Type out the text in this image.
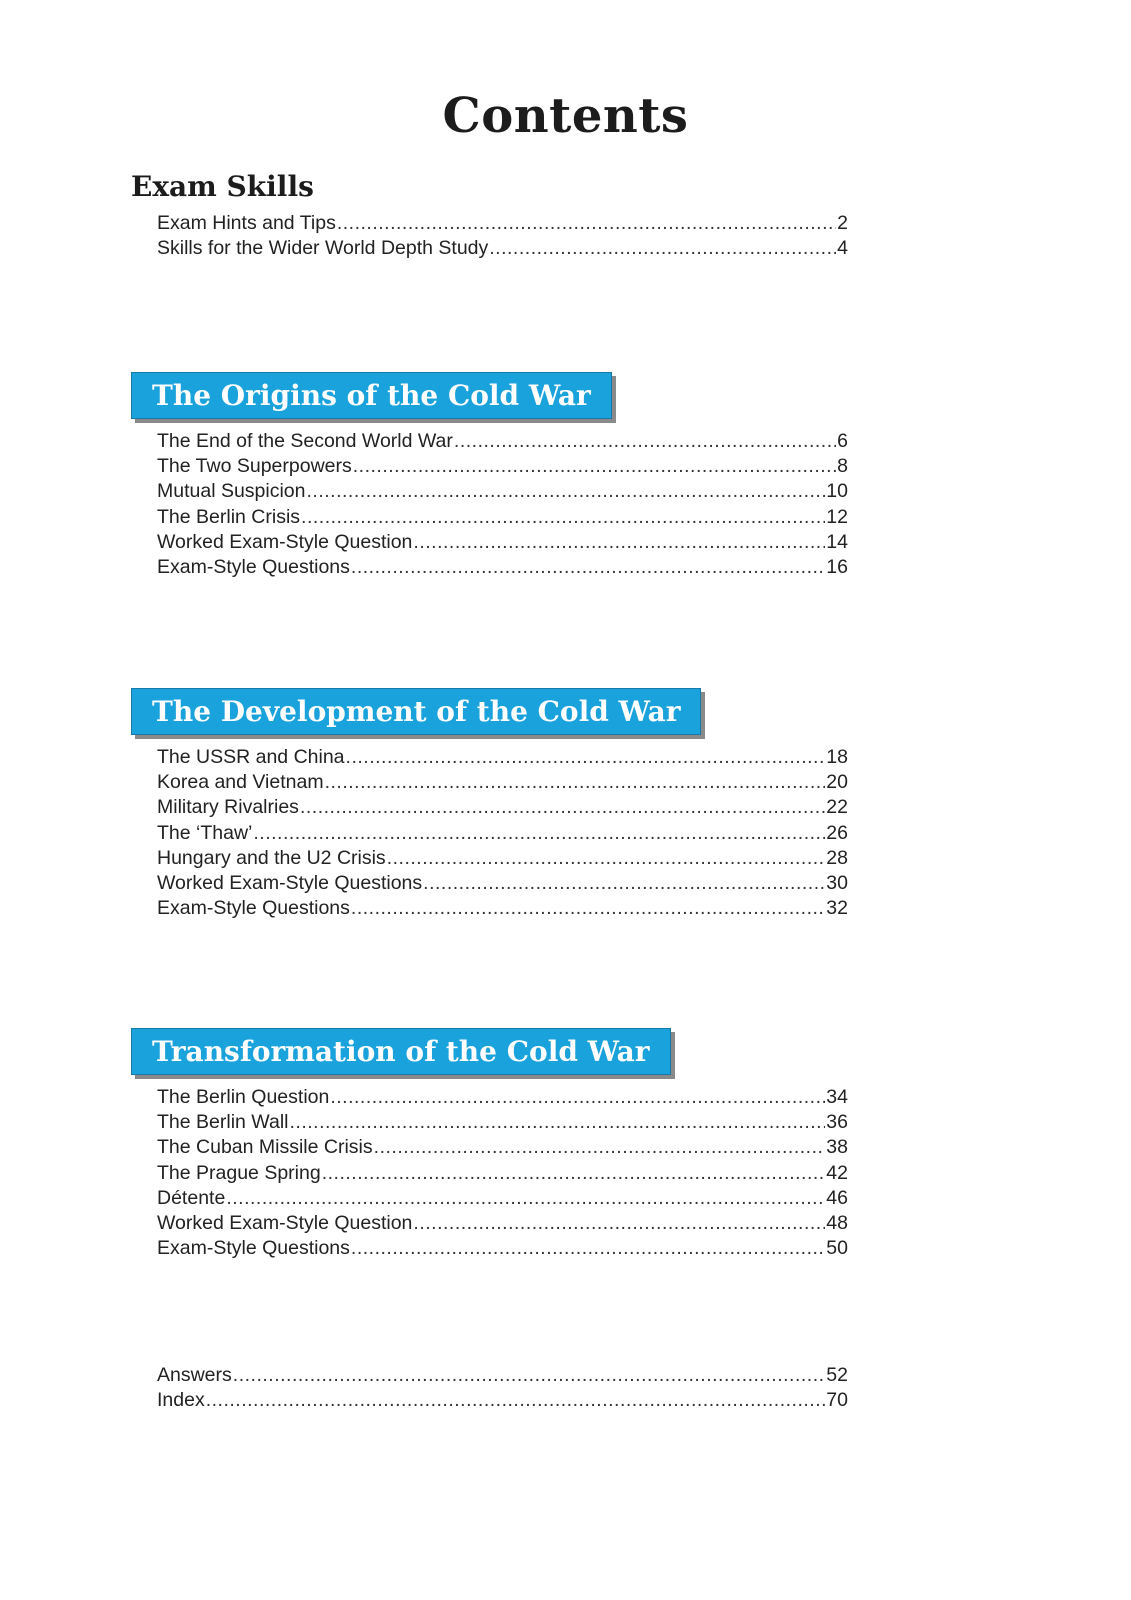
Contents
Exam Skills
Exam Hints and Tips .....	2
Skills for the Wider World Depth Study .....	4
The Origins of the Cold War
The End of the Second World War .....	6
The Two Superpowers .....	8
Mutual Suspicion .....	10
The Berlin Crisis .....	12
Worked Exam-Style Question .....	14
Exam-Style Questions .....	16
The Development of the Cold War
The USSR and China .....	18
Korea and Vietnam .....	20
Military Rivalries .....	22
The ‘Thaw’ .....	26
Hungary and the U2 Crisis .....	28
Worked Exam-Style Questions .....	30
Exam-Style Questions .....	32
Transformation of the Cold War
The Berlin Question .....	34
The Berlin Wall .....	36
The Cuban Missile Crisis .....	38
The Prague Spring .....	42
Détente .....	46
Worked Exam-Style Question .....	48
Exam-Style Questions .....	50
Answers .....	52
Index .....	70
